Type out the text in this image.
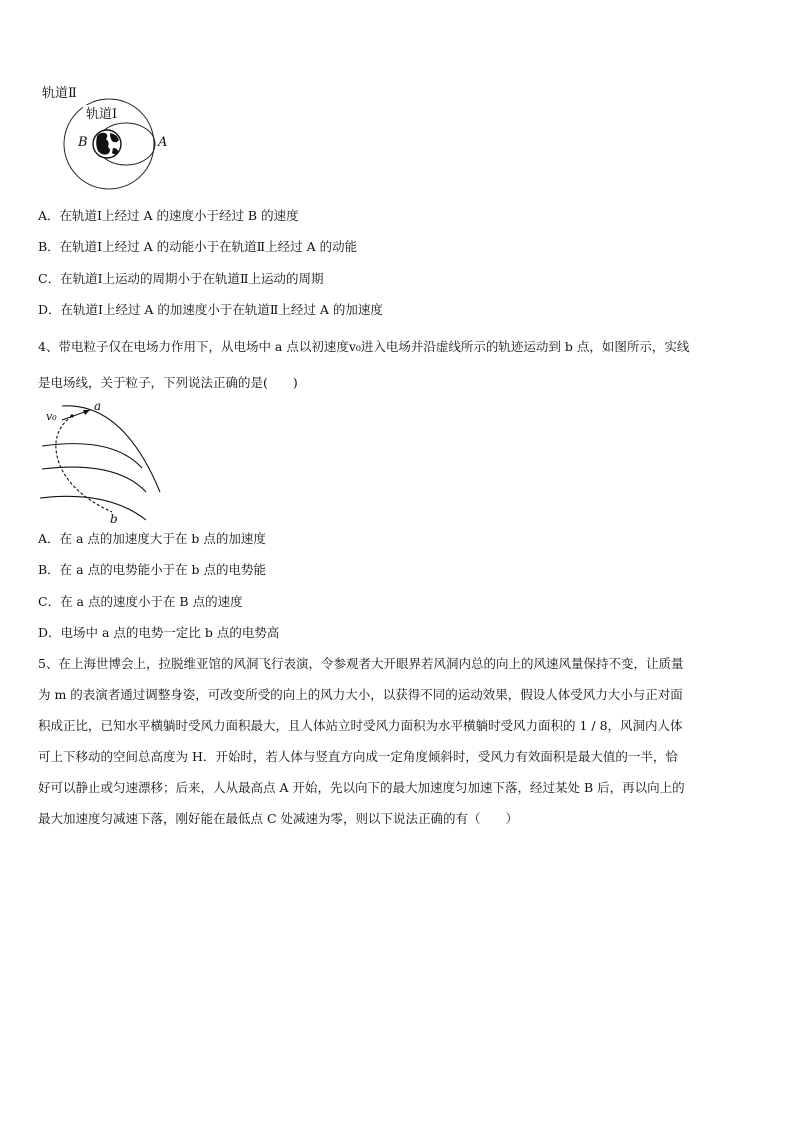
轨道Ⅱ
轨道Ⅰ
B	A
A．在轨道Ⅰ上经过 A 的速度小于经过 B 的速度
B．在轨道Ⅰ上经过 A 的动能小于在轨道Ⅱ上经过 A 的动能
C．在轨道Ⅰ上运动的周期小于在轨道Ⅱ上运动的周期
D．在轨道Ⅰ上经过 A 的加速度小于在轨道Ⅱ上经过 A 的加速度
4、带电粒子仅在电场力作用下，从电场中 a 点以初速度v₀进入电场并沿虚线所示的轨迹运动到 b 点，如图所示，实线
是电场线，关于粒子，下列说法正确的是(　　)
v₀
a
b
A．在 a 点的加速度大于在 b 点的加速度
B．在 a 点的电势能小于在 b 点的电势能
C．在 a 点的速度小于在 B 点的速度
D．电场中 a 点的电势一定比 b 点的电势高
5、在上海世博会上，拉脱维亚馆的风洞飞行表演，令参观者大开眼界若风洞内总的向上的风速风量保持不变，让质量
为 m 的表演者通过调整身姿，可改变所受的向上的风力大小，以获得不同的运动效果，假设人体受风力大小与正对面
积成正比，已知水平横躺时受风力面积最大，且人体站立时受风力面积为水平横躺时受风力面积的 1 / 8，风洞内人体
可上下移动的空间总高度为 H．开始时，若人体与竖直方向成一定角度倾斜时，受风力有效面积是最大值的一半，恰
好可以静止或匀速漂移；后来，人从最高点 A 开始，先以向下的最大加速度匀加速下落，经过某处 B 后，再以向上的
最大加速度匀减速下落，刚好能在最低点 C 处减速为零，则以下说法正确的有（　　）
